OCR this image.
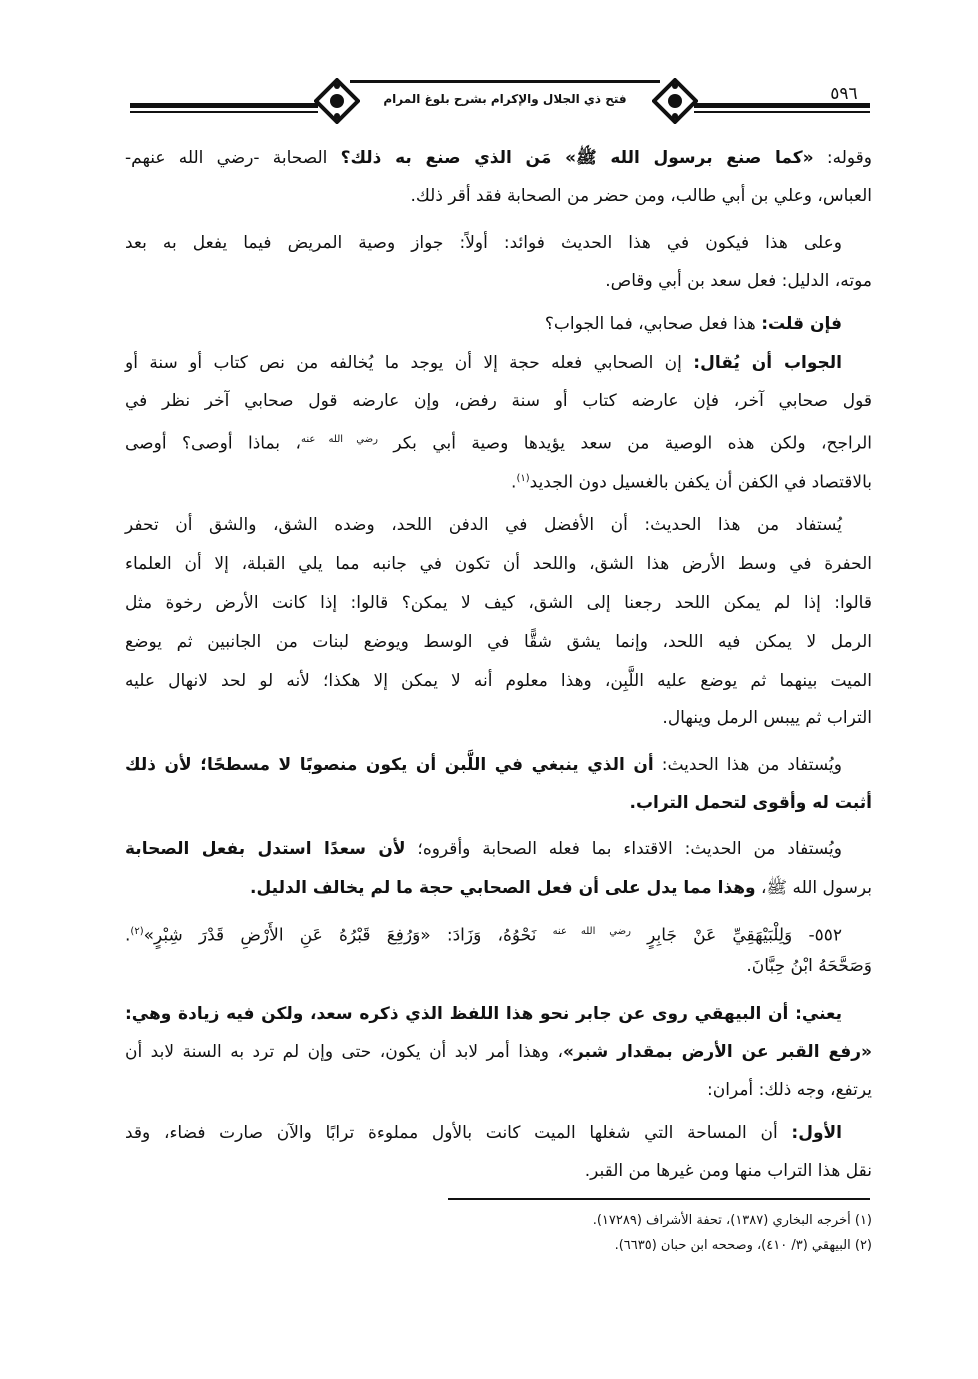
فتح ذي الجلال والإكرام بشرح بلوغ المرام	٥٩٦
وقوله: «كما صنع برسول الله ﷺ» مَن الذي صنع به ذلك؟ الصحابة -رضي الله عنهم-
العباس، وعلي بن أبي طالب، ومن حضر من الصحابة فقد أقر ذلك.
وعلى هذا فيكون في هذا الحديث فوائد: أولاً: جواز وصية المريض فيما يفعل به بعد
موته، الدليل: فعل سعد بن أبي وقاص.
فإن قلت: هذا فعل صحابي، فما الجواب؟
الجواب أن يُقال: إن الصحابي فعله حجة إلا أن يوجد ما يُخالفه من نص كتاب أو سنة أو
قول صحابي آخر، فإن عارضه كتاب أو سنة رفض، وإن عارضه قول صحابي آخر نظر في
الراجح، ولكن هذه الوصية من سعد يؤيدها وصية أبي بكر $^{رضي الله عنه}$، بماذا أوصى؟ أوصى
بالاقتصاد في الكفن أن يكفن بالغسيل دون الجديد$^{(١)}$.
يُستفاد من هذا الحديث: أن الأفضل في الدفن اللحد، وضده الشق، والشق أن تحفر
الحفرة في وسط الأرض هذا الشق، واللحد أن تكون في جانبه مما يلي القبلة، إلا أن العلماء
قالوا: إذا لم يمكن اللحد رجعنا إلى الشق، كيف لا يمكن؟ قالوا: إذا كانت الأرض رخوة مثل
الرمل لا يمكن فيه اللحد، وإنما يشق شقًّا في الوسط ويوضع لبنات من الجانبين ثم يوضع
الميت بينهما ثم يوضع عليه اللَّبِن، وهذا معلوم أنه لا يمكن إلا هكذا؛ لأنه لو لحد لانهال عليه
التراب ثم ييبس الرمل وينهال.
ويُستفاد من هذا الحديث: أن الذي ينبغي في اللَّبن أن يكون منصوبًا لا مسطحًا؛ لأن ذلك
أثبت له وأقوى لتحمل التراب.
ويُستفاد من الحديث: الاقتداء بما فعله الصحابة وأقروه؛ لأن سعدًا استدل بفعل الصحابة
برسول الله ﷺ، وهذا مما يدل على أن فعل الصحابي حجة ما لم يخالف الدليل.
٥٥٢- وَلِلْبَيْهَقِيِّ عَنْ جَابِرٍ $^{رضي الله عنه}$ نَحْوُهُ، وَزَادَ: «وَرُفِعَ قَبْرُهُ عَنِ الأَرْضِ قَدْرَ شِبْرٍ»$^{(٢)}$.
وَصَحَّحَهُ ابْنُ حِبَّانَ.
يعني: أن البيهقي روى عن جابر نحو هذا اللفظ الذي ذكره سعد، ولكن فيه زيادة وهي:
«رفع القبر عن الأرض بمقدار شبر»، وهذا أمر لابد أن يكون، حتى وإن لم ترد به السنة لابد أن
يرتفع، وجه ذلك: أمران:
الأول: أن المساحة التي شغلها الميت كانت بالأول مملوءة ترابًا والآن صارت فضاء، وقد
نقل هذا التراب منها ومن غيرها من القبر.
(١) أخرجه البخاري (١٣٨٧)، تحفة الأشراف (١٧٢٨٩).
(٢) البيهقي (٣/ ٤١٠)، وصححه ابن حبان (٦٦٣٥).
